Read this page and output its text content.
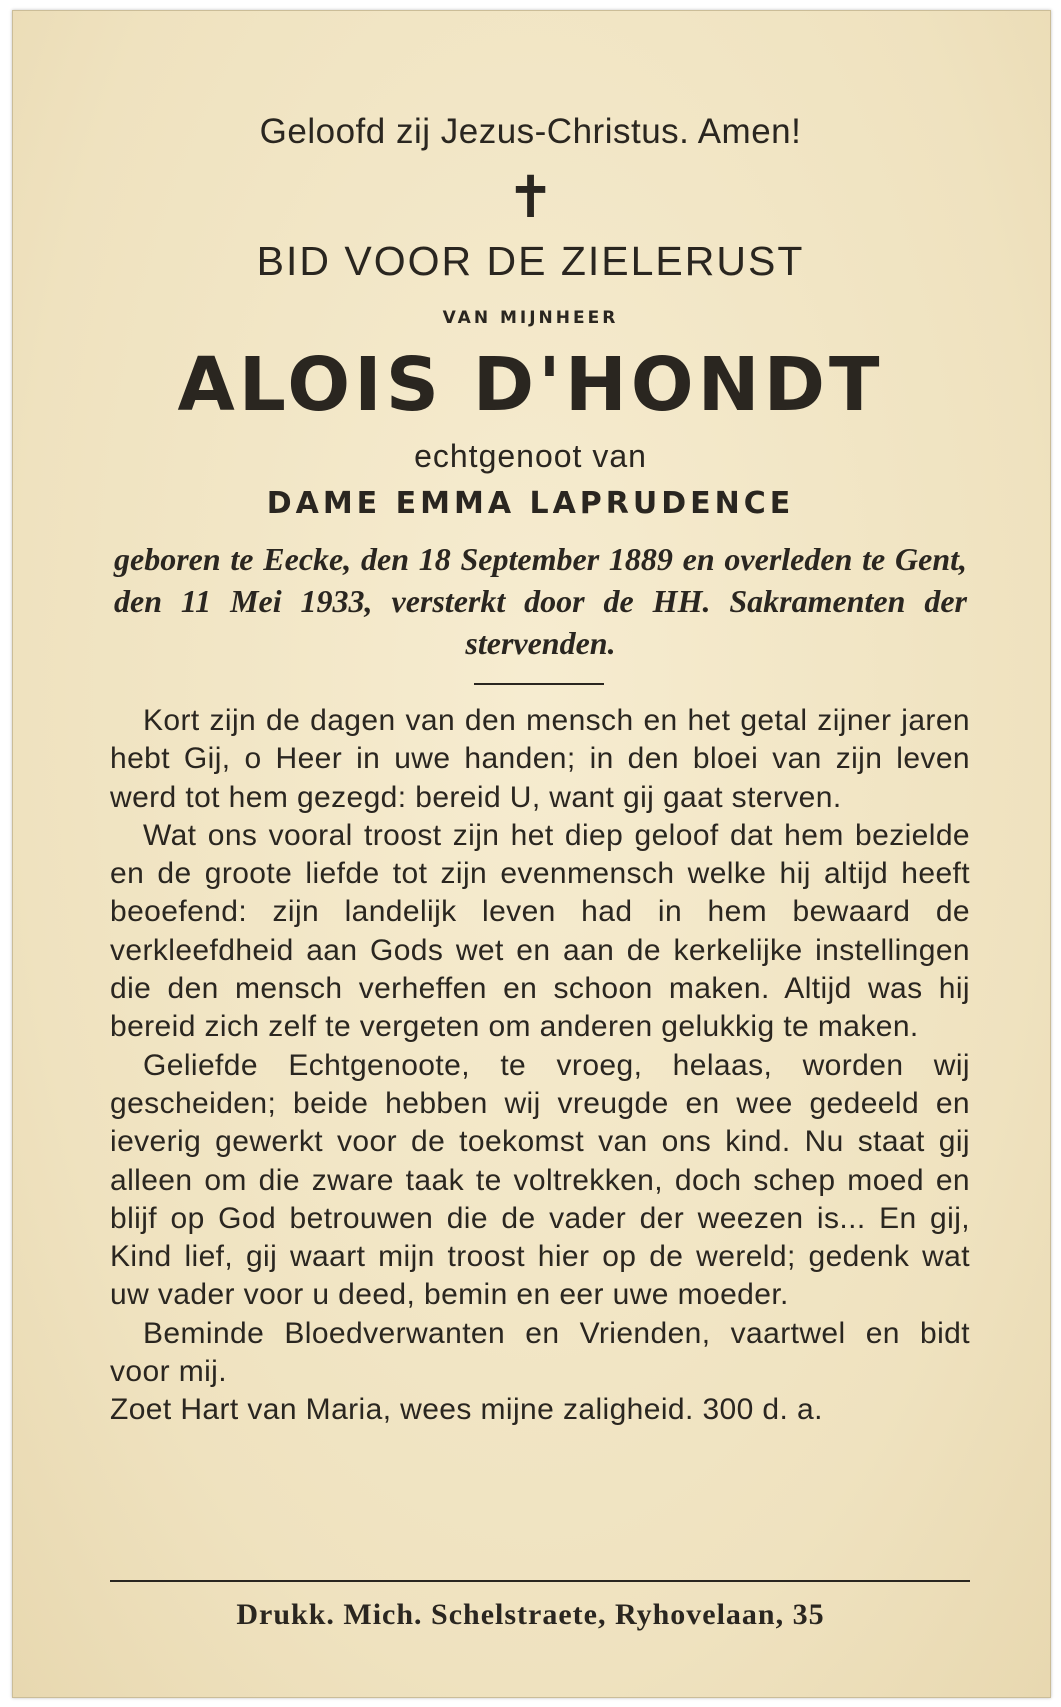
Geloofd zij Jezus-Christus. Amen!
✝
BID VOOR DE ZIELERUST
VAN MIJNHEER
ALOIS D'HONDT
echtgenoot van
DAME EMMA LAPRUDENCE
geboren te Eecke, den 18 September 1889 en overleden te Gent, den 11 Mei 1933, versterkt door de HH. Sakramenten der stervenden.

Kort zijn de dagen van den mensch en het getal zijner jaren hebt Gij, o Heer in uwe handen; in den bloei van zijn leven werd tot hem gezegd: bereid U, want gij gaat sterven.

Wat ons vooral troost zijn het diep geloof dat hem bezielde en de groote liefde tot zijn evenmensch welke hij altijd heeft beoefend: zijn landelijk leven had in hem bewaard de verkleefdheid aan Gods wet en aan de kerkelijke instellingen die den mensch verheffen en schoon maken. Altijd was hij bereid zich zelf te vergeten om anderen gelukkig te maken.

Geliefde Echtgenoote, te vroeg, helaas, worden wij gescheiden; beide hebben wij vreugde en wee gedeeld en ieverig gewerkt voor de toekomst van ons kind. Nu staat gij alleen om die zware taak te voltrekken, doch schep moed en blijf op God betrouwen die de vader der weezen is... En gij, Kind lief, gij waart mijn troost hier op de wereld; gedenk wat uw vader voor u deed, bemin en eer uwe moeder.

Beminde Bloedverwanten en Vrienden, vaartwel en bidt voor mij.

Zoet Hart van Maria, wees mijne zaligheid. 300 d. a.

Drukk. Mich. Schelstraete, Ryhovelaan, 35
